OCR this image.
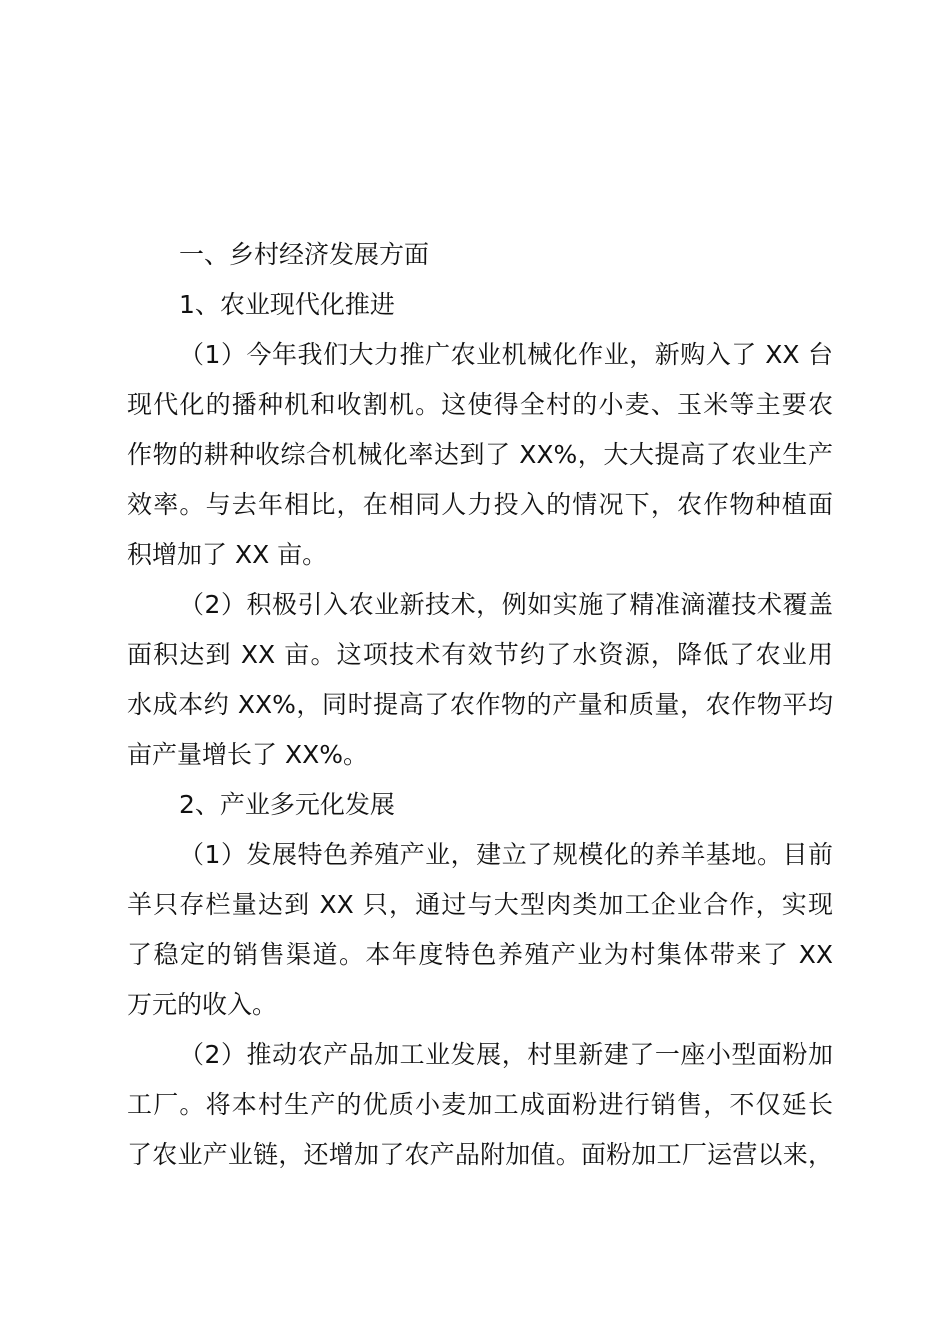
一、乡村经济发展方面
1、农业现代化推进
（1）今年我们大力推广农业机械化作业，新购入了 XX 台
现代化的播种机和收割机。这使得全村的小麦、玉米等主要农
作物的耕种收综合机械化率达到了 XX%，大大提高了农业生产
效率。与去年相比，在相同人力投入的情况下，农作物种植面
积增加了 XX 亩。
（2）积极引入农业新技术，例如实施了精准滴灌技术覆盖
面积达到 XX 亩。这项技术有效节约了水资源，降低了农业用
水成本约 XX%，同时提高了农作物的产量和质量，农作物平均
亩产量增长了 XX%。
2、产业多元化发展
（1）发展特色养殖产业，建立了规模化的养羊基地。目前
羊只存栏量达到 XX 只，通过与大型肉类加工企业合作，实现
了稳定的销售渠道。本年度特色养殖产业为村集体带来了 XX
万元的收入。
（2）推动农产品加工业发展，村里新建了一座小型面粉加
工厂。将本村生产的优质小麦加工成面粉进行销售，不仅延长
了农业产业链，还增加了农产品附加值。面粉加工厂运营以来，
